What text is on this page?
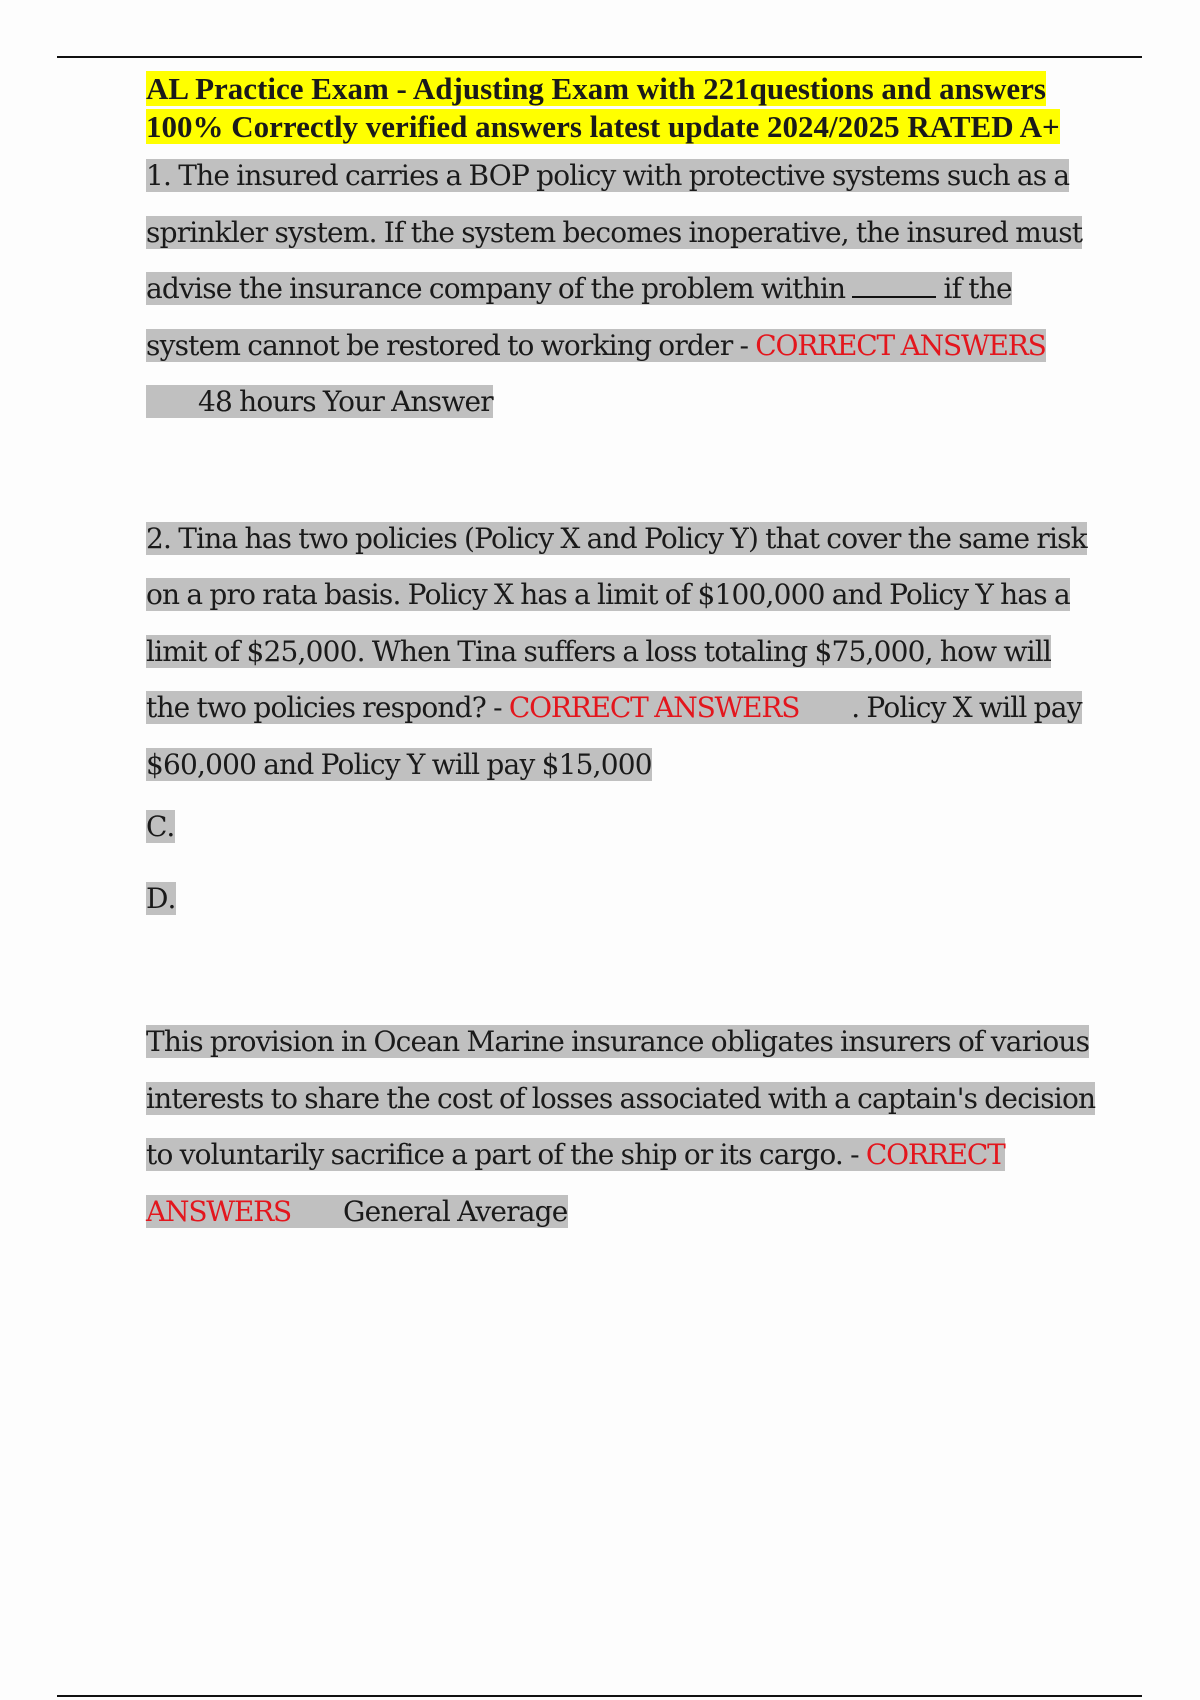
AL Practice Exam - Adjusting Exam with 221questions and answers 100% Correctly verified answers latest update 2024/2025 RATED A+

1. The insured carries a BOP policy with protective systems such as a sprinkler system. If the system becomes inoperative, the insured must advise the insurance company of the problem within	if the system cannot be restored to working order - CORRECT ANSWERS48 hours Your Answer

2. Tina has two policies (Policy X and Policy Y) that cover the same risk on a pro rata basis. Policy X has a limit of $100,000 and Policy Y has a limit of $25,000. When Tina suffers a loss totaling $75,000, how will the two policies respond? - CORRECT ANSWERS . Policy X will pay $60,000 and Policy Y will pay $15,000

C.

D.

This provision in Ocean Marine insurance obligates insurers of various interests to share the cost of losses associated with a captain's decision to voluntarily sacrifice a part of the ship or its cargo. - CORRECT ANSWERS General Average
